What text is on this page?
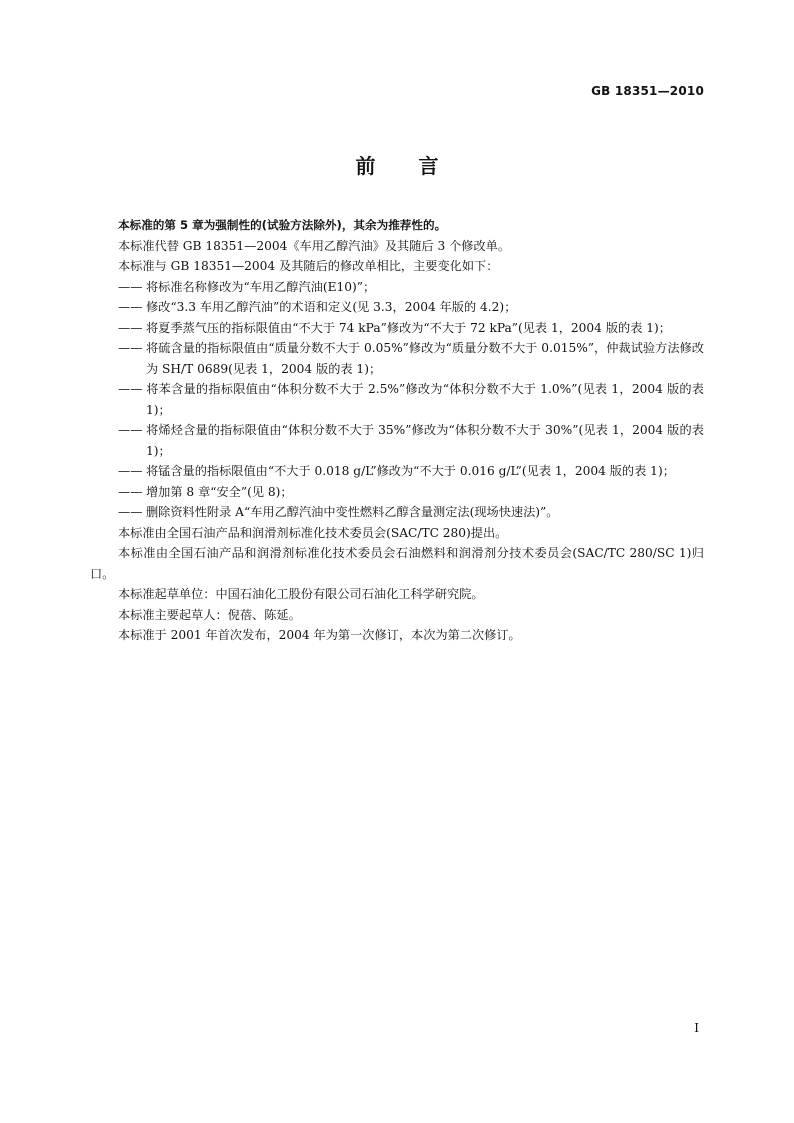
GB 18351—2010
前 言

本标准的第 5 章为强制性的(试验方法除外)，其余为推荐性的。

本标准代替 GB 18351—2004《车用乙醇汽油》及其随后 3 个修改单。

本标准与 GB 18351—2004 及其随后的修改单相比，主要变化如下：

—— 将标准名称修改为“车用乙醇汽油(E10)”；

—— 修改“3.3 车用乙醇汽油”的术语和定义(见 3.3，2004 年版的 4.2)；

—— 将夏季蒸气压的指标限值由“不大于 74 kPa”修改为“不大于 72 kPa”(见表 1，2004 版的表 1)；

—— 将硫含量的指标限值由“质量分数不大于 0.05%”修改为“质量分数不大于 0.015%”，仲裁试验方法修改为 SH/T 0689(见表 1，2004 版的表 1)；

—— 将苯含量的指标限值由“体积分数不大于 2.5%”修改为“体积分数不大于 1.0%”(见表 1，2004 版的表 1)；

—— 将烯烃含量的指标限值由“体积分数不大于 35%”修改为“体积分数不大于 30%”(见表 1，2004 版的表 1)；

—— 将锰含量的指标限值由“不大于 0.018 g/L”修改为“不大于 0.016 g/L”(见表 1，2004 版的表 1)；

—— 增加第 8 章“安全”(见 8)；

—— 删除资料性附录 A“车用乙醇汽油中变性燃料乙醇含量测定法(现场快速法)”。

本标准由全国石油产品和润滑剂标准化技术委员会(SAC/TC 280)提出。

本标准由全国石油产品和润滑剂标准化技术委员会石油燃料和润滑剂分技术委员会(SAC/TC 280/SC 1)归口。

本标准起草单位：中国石油化工股份有限公司石油化工科学研究院。

本标准主要起草人：倪蓓、陈延。

本标准于 2001 年首次发布，2004 年为第一次修订，本次为第二次修订。

I
